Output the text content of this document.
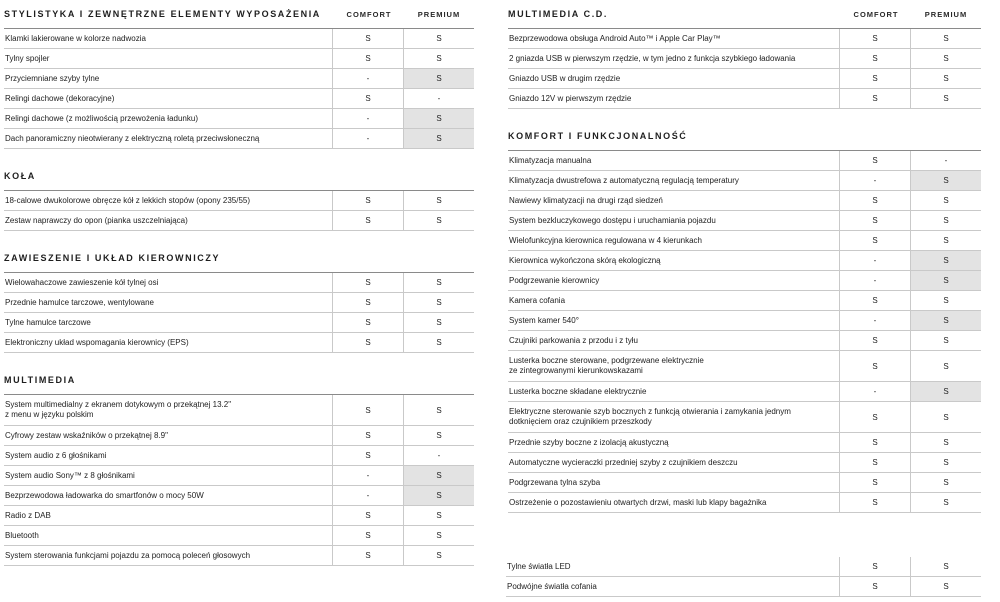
STYLISTYKA I ZEWNĘTRZNE ELEMENTY WYPOSAŻENIA	COMFORT	PREMIUM
Klamki lakierowane w kolorze nadwozia	S	S
Tylny spojler	S	S
Przyciemniane szyby tylne	-	S
Relingi dachowe (dekoracyjne)	S	-
Relingi dachowe (z możliwością przewożenia ładunku)	-	S
Dach panoramiczny nieotwierany z elektryczną roletą przeciwsłoneczną	-	S
KOŁA
18-calowe dwukolorowe obręcze kół z lekkich stopów (opony 235/55)	S	S
Zestaw naprawczy do opon (pianka uszczelniająca)	S	S
ZAWIESZENIE I UKŁAD KIEROWNICZY
Wielowahaczowe zawieszenie kół tylnej osi	S	S
Przednie hamulce tarczowe, wentylowane	S	S
Tylne hamulce tarczowe	S	S
Elektroniczny układ wspomagania kierownicy (EPS)	S	S
MULTIMEDIA
System multimedialny z ekranem dotykowym o przekątnej 13.2"
z menu w języku polskim	S	S
Cyfrowy zestaw wskaźników o przekątnej 8.9"	S	S
System audio z 6 głośnikami	S	-
System audio Sony™ z 8 głośnikami	-	S
Bezprzewodowa ładowarka do smartfonów o mocy 50W	-	S
Radio z DAB	S	S
Bluetooth	S	S
System sterowania funkcjami pojazdu za pomocą poleceń głosowych	S	S
MULTIMEDIA C.D.	COMFORT	PREMIUM
Bezprzewodowa obsługa Android Auto™ i Apple Car Play™	S	S
2 gniazda USB w pierwszym rzędzie, w tym jedno z funkcja szybkiego ładowania	S	S
Gniazdo USB w drugim rzędzie	S	S
Gniazdo 12V w pierwszym rzędzie	S	S
KOMFORT I FUNKCJONALNOŚĆ
Klimatyzacja manualna	S	-
Klimatyzacja dwustrefowa z automatyczną regulacją temperatury	-	S
Nawiewy klimatyzacji na drugi rząd siedzeń	S	S
System bezkluczykowego dostępu i uruchamiania pojazdu	S	S
Wielofunkcyjna kierownica regulowana w 4 kierunkach	S	S
Kierownica wykończona skórą ekologiczną	-	S
Podgrzewanie kierownicy	-	S
Kamera cofania	S	S
System kamer 540°	-	S
Czujniki parkowania z przodu i z tyłu	S	S
Lusterka boczne sterowane, podgrzewane elektrycznie
ze zintegrowanymi kierunkowskazami	S	S
Lusterka boczne składane elektrycznie	-	S
Elektryczne sterowanie szyb bocznych z funkcją otwierania i zamykania jednym
dotknięciem oraz czujnikiem przeszkody	S	S
Przednie szyby boczne z izolacją akustyczną	S	S
Automatyczne wycieraczki przedniej szyby z czujnikiem deszczu	S	S
Podgrzewana tylna szyba	S	S
Ostrzeżenie o pozostawieniu otwartych drzwi, maski lub klapy bagażnika	S	S
Tylne światła LED	S	S
Podwójne światła cofania	S	S
